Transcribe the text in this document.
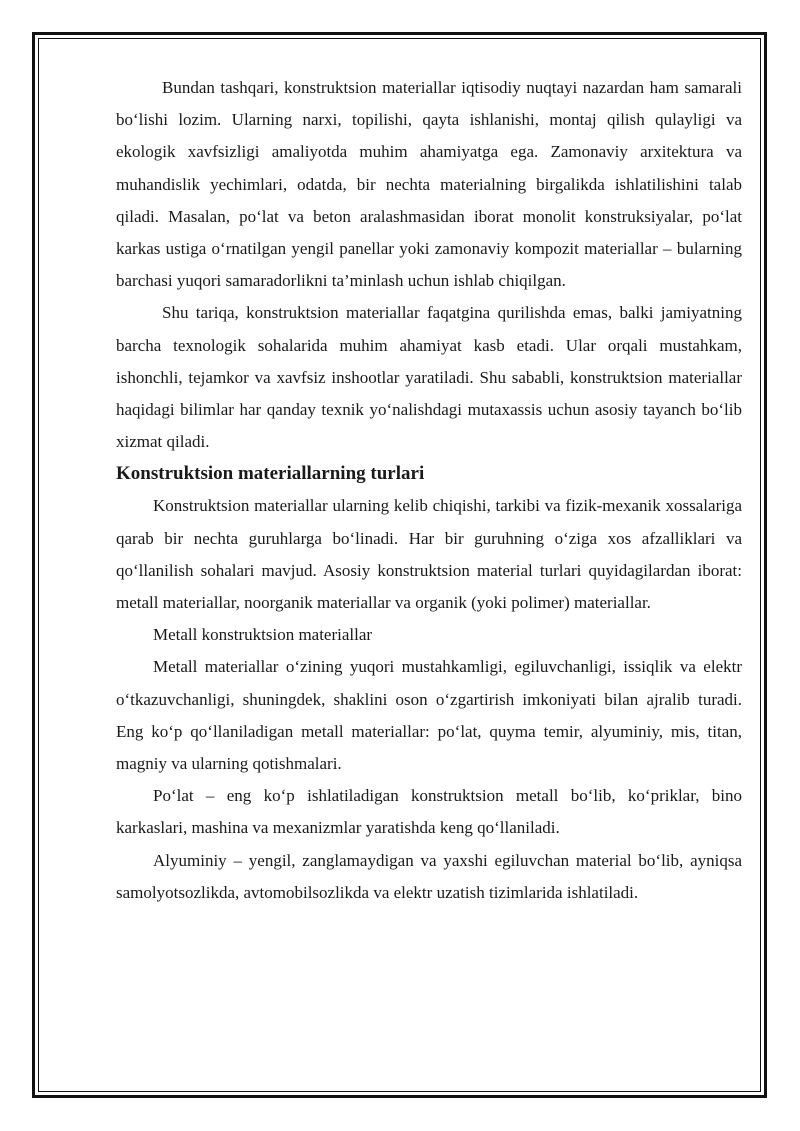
Bundan tashqari, konstruktsion materiallar iqtisodiy nuqtayi nazardan ham samarali bo‘lishi lozim. Ularning narxi, topilishi, qayta ishlanishi, montaj qilish qulayligi va ekologik xavfsizligi amaliyotda muhim ahamiyatga ega. Zamonaviy arxitektura va muhandislik yechimlari, odatda, bir nechta materialning birgalikda ishlatilishini talab qiladi. Masalan, po‘lat va beton aralashmasidan iborat monolit konstruksiyalar, po‘lat karkas ustiga o‘rnatilgan yengil panellar yoki zamonaviy kompozit materiallar – bularning barchasi yuqori samaradorlikni ta’minlash uchun ishlab chiqilgan.

Shu tariqa, konstruktsion materiallar faqatgina qurilishda emas, balki jamiyatning barcha texnologik sohalarida muhim ahamiyat kasb etadi. Ular orqali mustahkam, ishonchli, tejamkor va xavfsiz inshootlar yaratiladi. Shu sababli, konstruktsion materiallar haqidagi bilimlar har qanday texnik yo‘nalishdagi mutaxassis uchun asosiy tayanch bo‘lib xizmat qiladi.

Konstruktsion materiallarning turlari

Konstruktsion materiallar ularning kelib chiqishi, tarkibi va fizik-mexanik xossalariga qarab bir nechta guruhlarga bo‘linadi. Har bir guruhning o‘ziga xos afzalliklari va qo‘llanilish sohalari mavjud. Asosiy konstruktsion material turlari quyidagilardan iborat: metall materiallar, noorganik materiallar va organik (yoki polimer) materiallar.

Metall konstruktsion materiallar

Metall materiallar o‘zining yuqori mustahkamligi, egiluvchanligi, issiqlik va elektr o‘tkazuvchanligi, shuningdek, shaklini oson o‘zgartirish imkoniyati bilan ajralib turadi. Eng ko‘p qo‘llaniladigan metall materiallar: po‘lat, quyma temir, alyuminiy, mis, titan, magniy va ularning qotishmalari.

Po‘lat – eng ko‘p ishlatiladigan konstruktsion metall bo‘lib, ko‘priklar, bino karkaslari, mashina va mexanizmlar yaratishda keng qo‘llaniladi.

Alyuminiy – yengil, zanglamaydigan va yaxshi egiluvchan material bo‘lib, ayniqsa samolyotsozlikda, avtomobilsozlikda va elektr uzatish tizimlarida ishlatiladi.
